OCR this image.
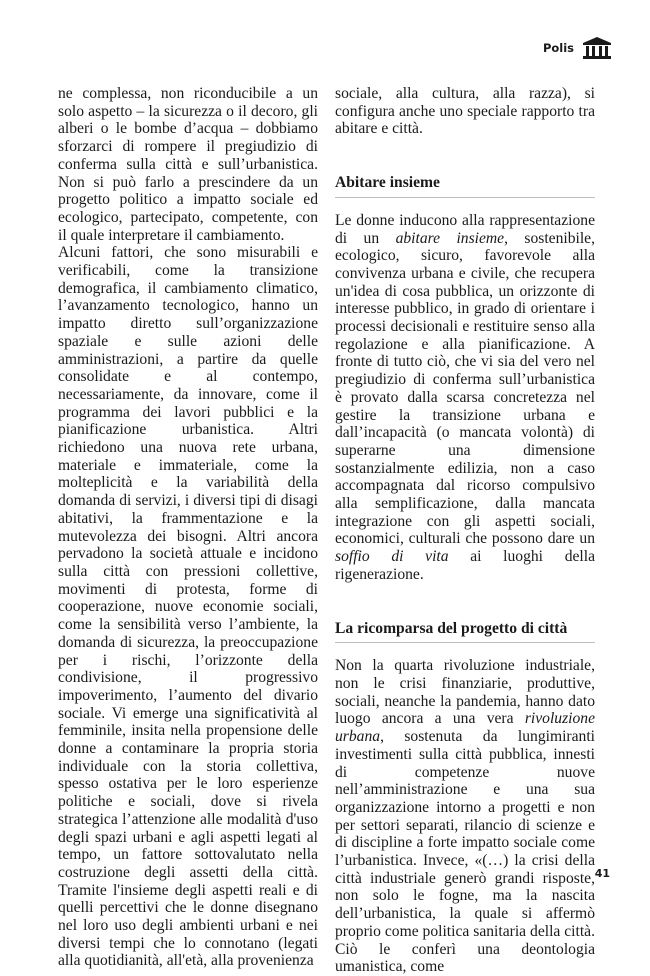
Polis

ne complessa, non riconducibile a un solo aspetto – la sicurezza o il decoro, gli alberi o le bombe d’acqua – dobbiamo sforzarci di rompere il pregiudizio di conferma sulla città e sull’urbanistica. Non si può farlo a prescindere da un progetto politico a impatto sociale ed ecologico, partecipato, competente, con il quale interpretare il cambiamento.

Alcuni fattori, che sono misurabili e verificabili, come la transizione demografica, il cambiamento climatico, l’avanzamento tecnologico, hanno un impatto diretto sull’organizzazione spaziale e sulle azioni delle amministrazioni, a partire da quelle consolidate e al contempo, necessariamente, da innovare, come il programma dei lavori pubblici e la pianificazione urbanistica. Altri richiedono una nuova rete urbana, materiale e immateriale, come la molteplicità e la variabilità della domanda di servizi, i diversi tipi di disagi abitativi, la frammentazione e la mutevolezza dei bisogni. Altri ancora pervadono la società attuale e incidono sulla città con pressioni collettive, movimenti di protesta, forme di cooperazione, nuove economie sociali, come la sensibilità verso l’ambiente, la domanda di sicurezza, la preoccupazione per i rischi, l’orizzonte della condivisione, il progressivo impoverimento, l’aumento del divario sociale. Vi emerge una significatività al femminile, insita nella propensione delle donne a contaminare la propria storia individuale con la storia collettiva, spesso ostativa per le loro esperienze politiche e sociali, dove si rivela strategica l’attenzione alle modalità d'uso degli spazi urbani e agli aspetti legati al tempo, un fattore sottovalutato nella costruzione degli assetti della città. Tramite l'insieme degli aspetti reali e di quelli percettivi che le donne disegnano nel loro uso degli ambienti urbani e nei diversi tempi che lo connotano (legati alla quotidianità, all'età, alla provenienza

sociale, alla cultura, alla razza), si configura anche uno speciale rapporto tra abitare e città.

Abitare insieme

Le donne inducono alla rappresentazione di un abitare insieme, sostenibile, ecologico, sicuro, favorevole alla convivenza urbana e civile, che recupera un'idea di cosa pubblica, un orizzonte di interesse pubblico, in grado di orientare i processi decisionali e restituire senso alla regolazione e alla pianificazione. A fronte di tutto ciò, che vi sia del vero nel pregiudizio di conferma sull’urbanistica è provato dalla scarsa concretezza nel gestire la transizione urbana e dall’incapacità (o mancata volontà) di superarne una dimensione sostanzialmente edilizia, non a caso accompagnata dal ricorso compulsivo alla semplificazione, dalla mancata integrazione con gli aspetti sociali, economici, culturali che possono dare un soffio di vita ai luoghi della rigenerazione.

La ricomparsa del progetto di città

Non la quarta rivoluzione industriale, non le crisi finanziarie, produttive, sociali, neanche la pandemia, hanno dato luogo ancora a una vera rivoluzione urbana, sostenuta da lungimiranti investimenti sulla città pubblica, innesti di competenze nuove nell’amministrazione e una sua organizzazione intorno a progetti e non per settori separati, rilancio di scienze e di discipline a forte impatto sociale come l’urbanistica. Invece, «(…) la crisi della città industriale generò grandi risposte, non solo le fogne, ma la nascita dell’urbanistica, la quale si affermò proprio come politica sanitaria della città. Ciò le conferì una deontologia umanistica, come

41
